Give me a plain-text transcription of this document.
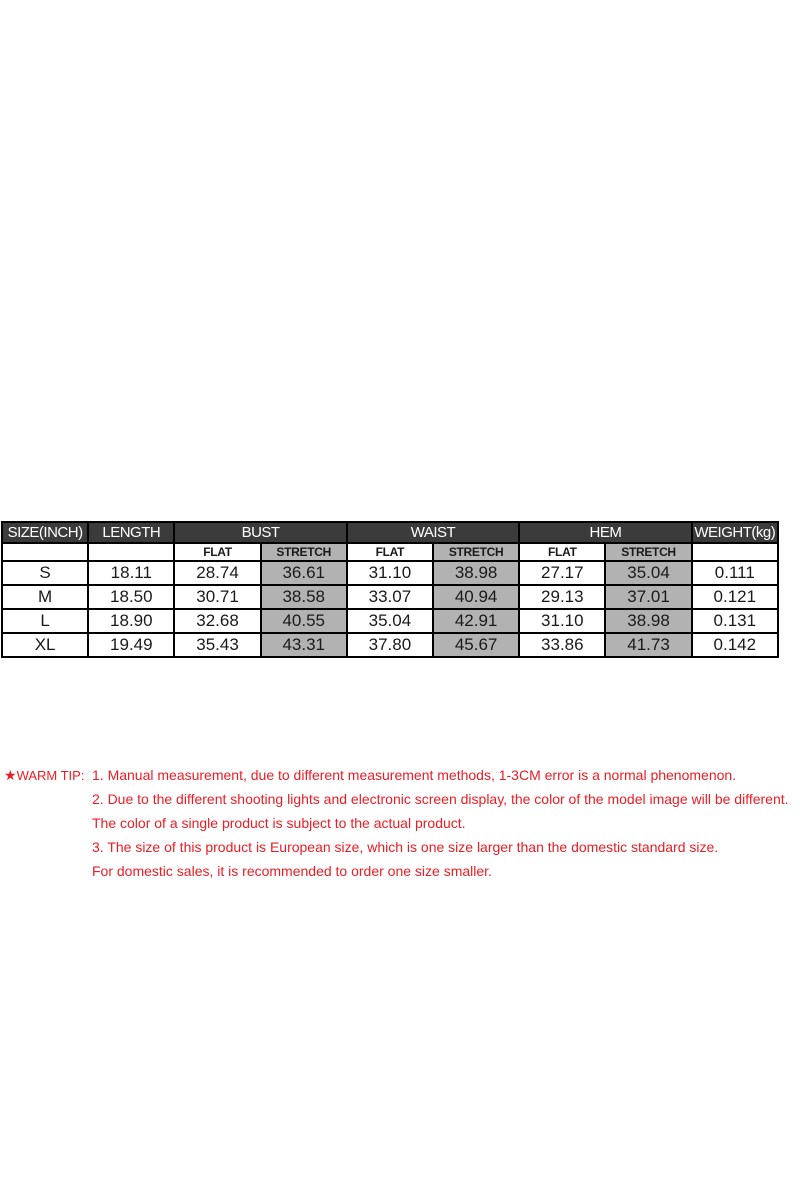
SIZE(INCH)	LENGTH	BUST		WAIST		HEM		WEIGHT(kg)
		FLAT	STRETCH	FLAT	STRETCH	FLAT	STRETCH	
S	18.11	28.74	36.61	31.10	38.98	27.17	35.04	0.111
M	18.50	30.71	38.58	33.07	40.94	29.13	37.01	0.121
L	18.90	32.68	40.55	35.04	42.91	31.10	38.98	0.131
XL	19.49	35.43	43.31	37.80	45.67	33.86	41.73	0.142
★WARM TIP: 1. Manual measurement, due to different measurement methods, 1-3CM error is a normal phenomenon.
2. Due to the different shooting lights and electronic screen display, the color of the model image will be different.
The color of a single product is subject to the actual product.
3. The size of this product is European size, which is one size larger than the domestic standard size.
For domestic sales, it is recommended to order one size smaller.
